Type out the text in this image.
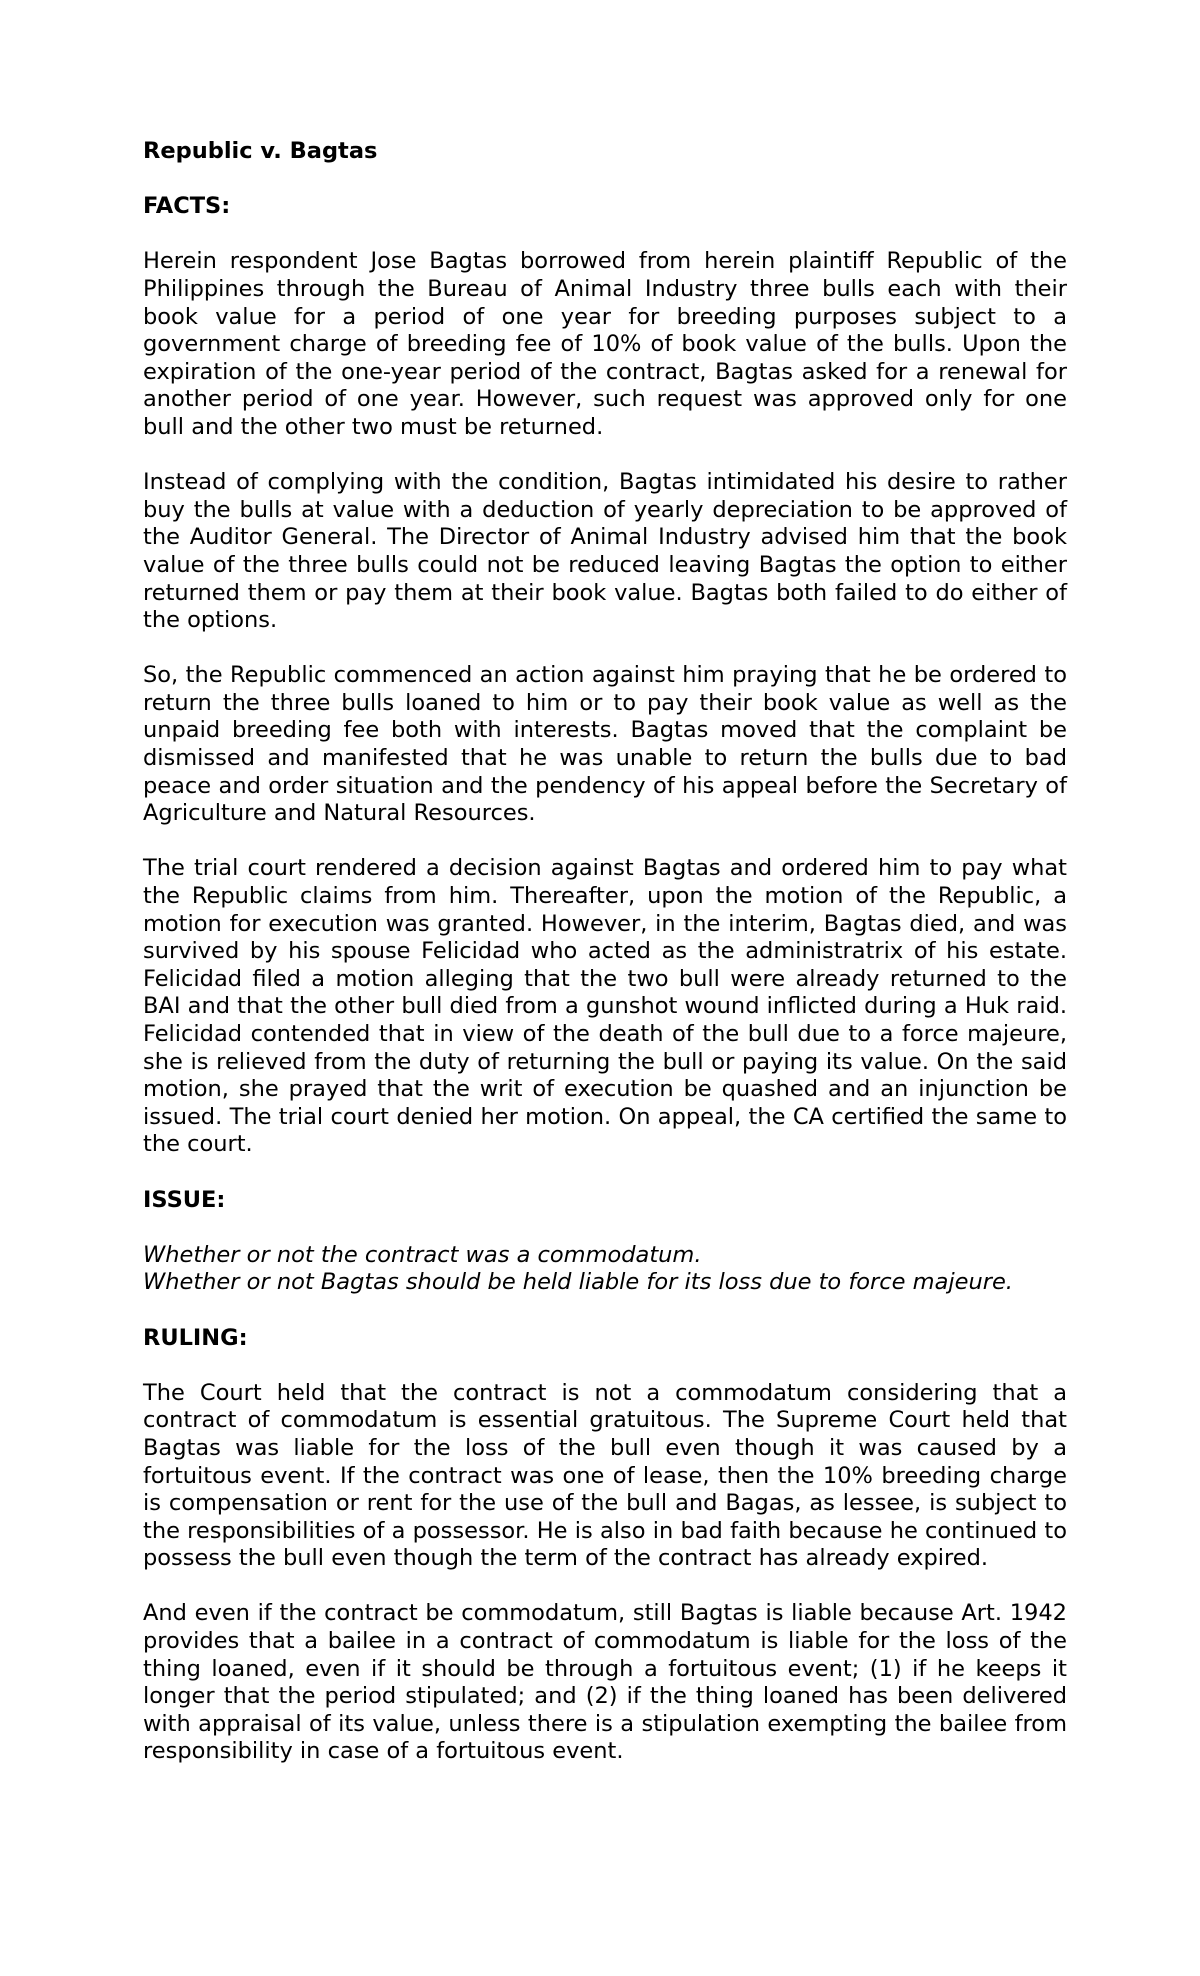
Republic v. Bagtas
FACTS:

Herein respondent Jose Bagtas borrowed from herein plaintiff Republic of the Philippines through the Bureau of Animal Industry three bulls each with their book value for a period of one year for breeding purposes subject to a government charge of breeding fee of 10% of book value of the bulls. Upon the expiration of the one-year period of the contract, Bagtas asked for a renewal for another period of one year. However, such request was approved only for one bull and the other two must be returned.

Instead of complying with the condition, Bagtas intimidated his desire to rather buy the bulls at value with a deduction of yearly depreciation to be approved of the Auditor General. The Director of Animal Industry advised him that the book value of the three bulls could not be reduced leaving Bagtas the option to either returned them or pay them at their book value. Bagtas both failed to do either of the options.

So, the Republic commenced an action against him praying that he be ordered to return the three bulls loaned to him or to pay their book value as well as the unpaid breeding fee both with interests. Bagtas moved that the complaint be dismissed and manifested that he was unable to return the bulls due to bad peace and order situation and the pendency of his appeal before the Secretary of Agriculture and Natural Resources.

The trial court rendered a decision against Bagtas and ordered him to pay what the Republic claims from him. Thereafter, upon the motion of the Republic, a motion for execution was granted. However, in the interim, Bagtas died, and was survived by his spouse Felicidad who acted as the administratrix of his estate. Felicidad filed a motion alleging that the two bull were already returned to the BAI and that the other bull died from a gunshot wound inflicted during a Huk raid. Felicidad contended that in view of the death of the bull due to a force majeure, she is relieved from the duty of returning the bull or paying its value. On the said motion, she prayed that the writ of execution be quashed and an injunction be issued. The trial court denied her motion. On appeal, the CA certified the same to the court.

ISSUE:
Whether or not the contract was a commodatum.
Whether or not Bagtas should be held liable for its loss due to force majeure.
RULING:

The Court held that the contract is not a commodatum considering that a contract of commodatum is essential gratuitous. The Supreme Court held that Bagtas was liable for the loss of the bull even though it was caused by a fortuitous event. If the contract was one of lease, then the 10% breeding charge is compensation or rent for the use of the bull and Bagas, as lessee, is subject to the responsibilities of a possessor. He is also in bad faith because he continued to possess the bull even though the term of the contract has already expired.

And even if the contract be commodatum, still Bagtas is liable because Art. 1942 provides that a bailee in a contract of commodatum is liable for the loss of the thing loaned, even if it should be through a fortuitous event; (1) if he keeps it longer that the period stipulated; and (2) if the thing loaned has been delivered with appraisal of its value, unless there is a stipulation exempting the bailee from responsibility in case of a fortuitous event.
